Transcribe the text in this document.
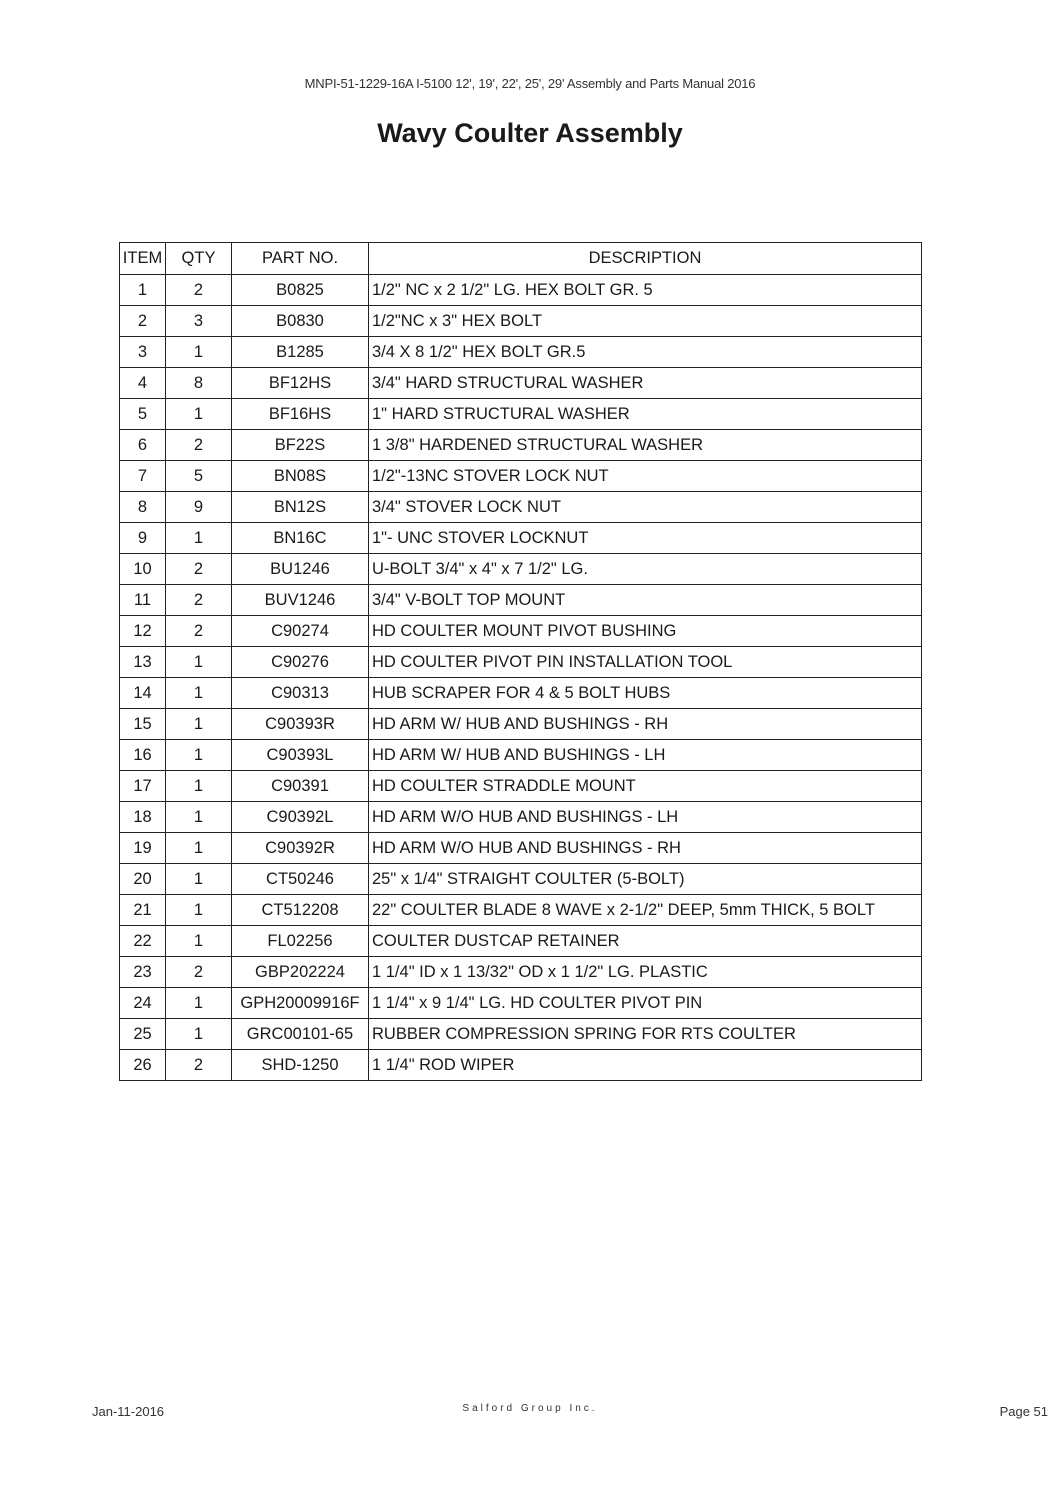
MNPI-51-1229-16A I-5100 12', 19', 22', 25', 29' Assembly and Parts Manual 2016
Wavy Coulter Assembly
ITEM	QTY	PART NO.	DESCRIPTION
1	2	B0825	1/2" NC x 2 1/2" LG. HEX BOLT GR. 5
2	3	B0830	1/2"NC x 3" HEX BOLT
3	1	B1285	3/4 X 8 1/2" HEX BOLT GR.5
4	8	BF12HS	3/4" HARD STRUCTURAL WASHER
5	1	BF16HS	1" HARD STRUCTURAL WASHER
6	2	BF22S	1 3/8" HARDENED STRUCTURAL WASHER
7	5	BN08S	1/2"-13NC STOVER LOCK NUT
8	9	BN12S	3/4" STOVER LOCK NUT
9	1	BN16C	1"- UNC STOVER LOCKNUT
10	2	BU1246	U-BOLT 3/4" x 4" x 7 1/2" LG.
11	2	BUV1246	3/4" V-BOLT TOP MOUNT
12	2	C90274	HD COULTER MOUNT PIVOT BUSHING
13	1	C90276	HD COULTER PIVOT PIN INSTALLATION TOOL
14	1	C90313	HUB SCRAPER FOR 4 & 5 BOLT HUBS
15	1	C90393R	HD ARM W/ HUB AND BUSHINGS - RH
16	1	C90393L	HD ARM W/ HUB AND BUSHINGS - LH
17	1	C90391	HD COULTER STRADDLE MOUNT
18	1	C90392L	HD ARM W/O HUB AND BUSHINGS - LH
19	1	C90392R	HD ARM W/O HUB AND BUSHINGS - RH
20	1	CT50246	25" x 1/4" STRAIGHT COULTER (5-BOLT)
21	1	CT512208	22" COULTER BLADE 8 WAVE x 2-1/2" DEEP, 5mm THICK, 5 BOLT
22	1	FL02256	COULTER DUSTCAP RETAINER
23	2	GBP202224	1 1/4" ID x 1 13/32" OD x 1 1/2" LG. PLASTIC
24	1	GPH20009916F	1 1/4" x 9 1/4" LG. HD COULTER PIVOT PIN
25	1	GRC00101-65	RUBBER COMPRESSION SPRING FOR RTS COULTER
26	2	SHD-1250	1 1/4" ROD WIPER
Jan-11-2016	Salford Group Inc.	Page 51
